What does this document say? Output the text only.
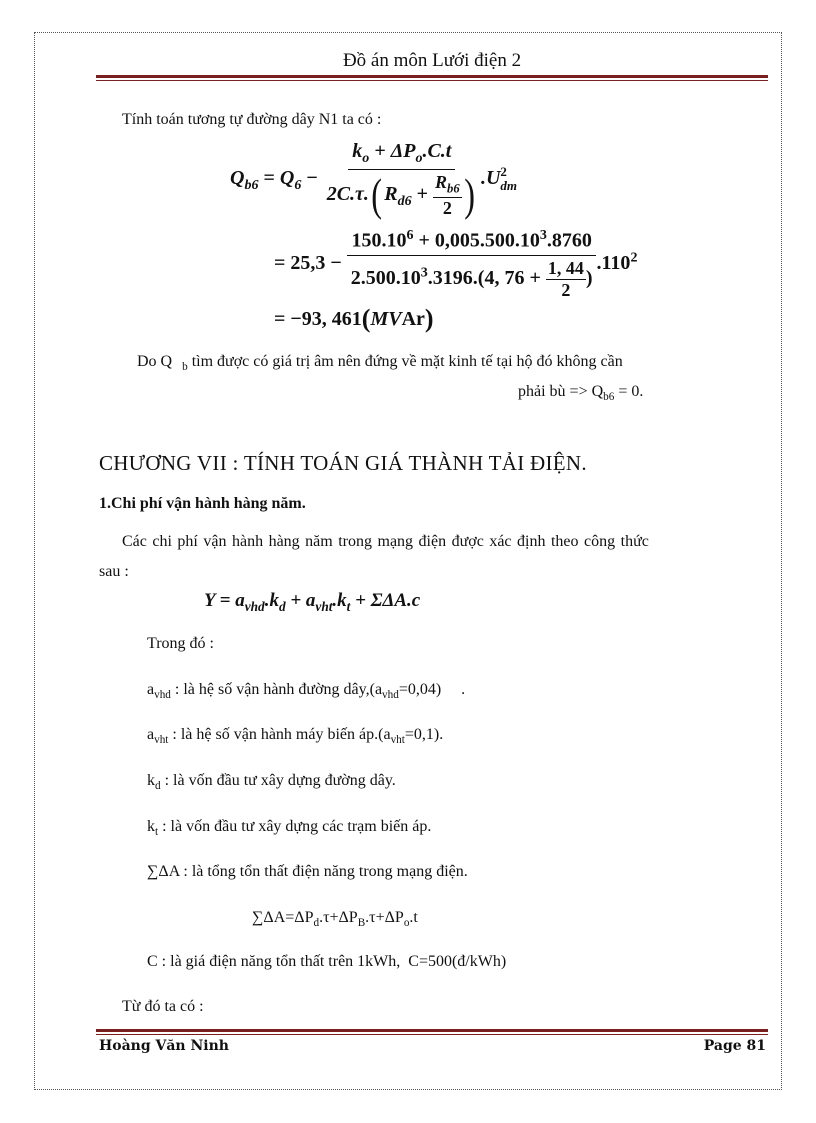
Đồ án môn Lưới điện 2
Tính toán tương tự đường dây N1 ta có :
$Q_{b6} = Q_6 - \frac{k_o + \Delta P_o.C.t}{2C.\tau.( R_{d6} + \frac{R_{b6}}{2} )} .U$ 2
dm
= $25,3 - \frac{150.10^6 + 0,005.500.10^3.8760}{2.500.10^3.3196.(4, 76 + \frac{1, 44}{2} )} .110^2$
= −93, 461(MVAr)
Do Q $_b$ tìm được có giá trị âm nên đứng về mặt kinh tế tại hộ đó không cần
phải bù => $Q_{b6} = 0$.
CHƯƠNG VII : TÍNH TOÁN GIÁ THÀNH TẢI ĐIỆN.
1.Chi phí vận hành hàng năm.
Các chi phí vận hành hàng năm trong mạng điện được xác định theo công thức
sau :
$Y = a_{vhd}.k_d + a_{vht}.k_t + \Sigma\Delta A.c$
Trong đó :
$a_{vhd}$ : là hệ số vận hành đường $dây,(a_{vhd}=0,04)$     .
$a_{vht}$ : là hệ số vận hành máy biến $áp.(a_{vht}=0,1)$.
$k_d$ : là vốn đầu tư xây dựng đường dây.
$k_t$ : là vốn đầu tư xây dựng các trạm biến áp.
∑ΔA : là tổng tổn thất điện năng trong mạng điện.
$\sum\Delta A=\Delta P_d.\tau+\Delta P_B.\tau+\Delta P_o.t$
C : là giá điện năng tổn thất trên 1kWh,  C=500(đ/kWh)
Từ đó ta có :
Hoàng Văn Ninh	Page 81
